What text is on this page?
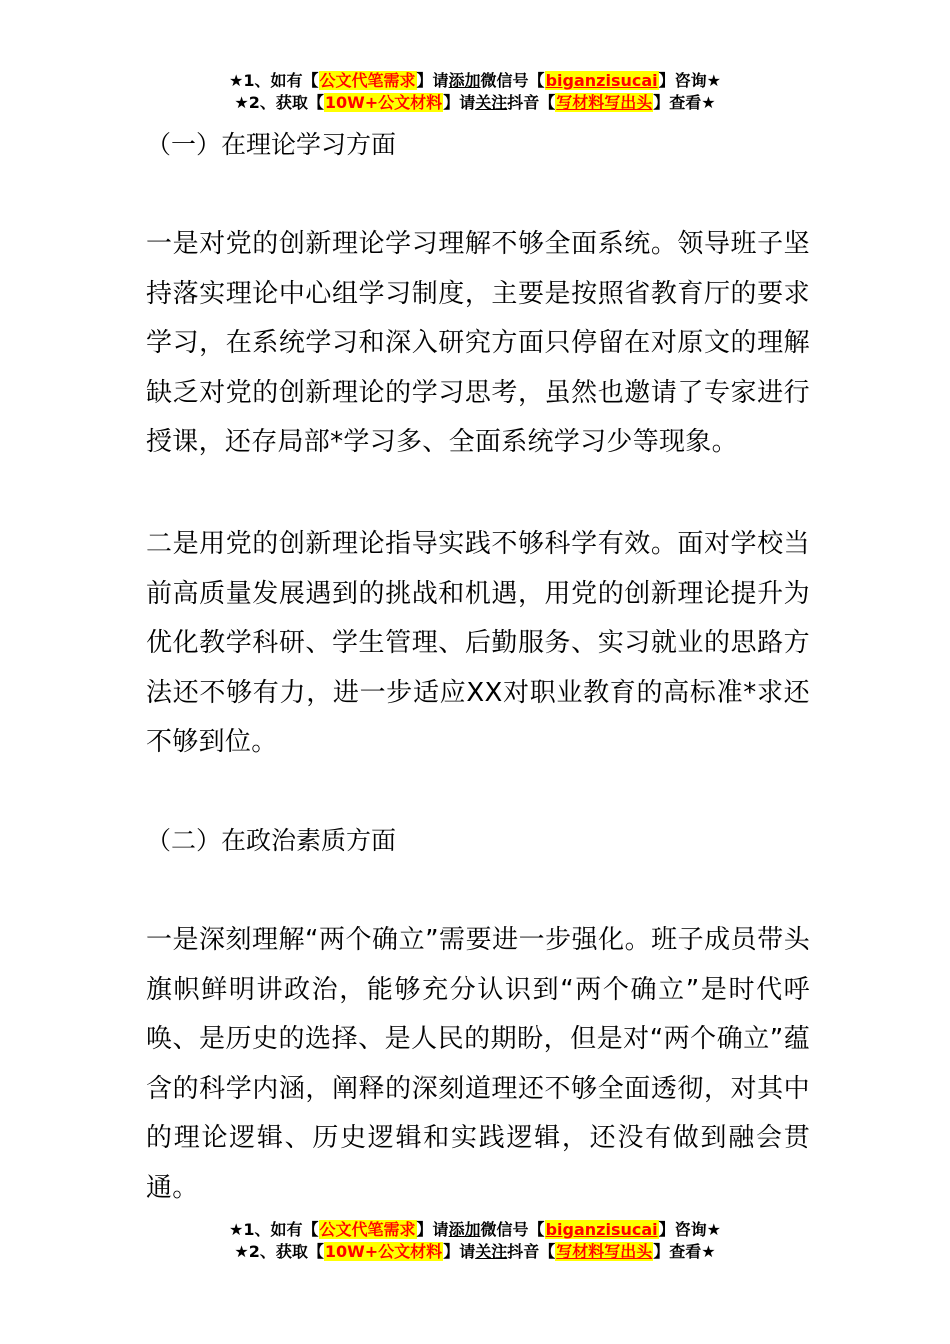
★1、如有【公文代笔需求】请添加微信号【biganzisucai】咨询★
★2、获取【10W+公文材料】请关注抖音【写材料写出头】查看★
（一）在理论学习方面
一是对党的创新理论学习理解不够全面系统。领导班子坚持落实理论中心组学习制度，主要是按照省教育厅的要求学习，在系统学习和深入研究方面只停留在对原文的理解缺乏对党的创新理论的学习思考，虽然也邀请了专家进行授课，还存局部*学习多、全面系统学习少等现象。
二是用党的创新理论指导实践不够科学有效。面对学校当前高质量发展遇到的挑战和机遇，用党的创新理论提升为优化教学科研、学生管理、后勤服务、实习就业的思路方法还不够有力，进一步适应XX对职业教育的高标准*求还不够到位。
（二）在政治素质方面
一是深刻理解“两个确立”需要进一步强化。班子成员带头旗帜鲜明讲政治，能够充分认识到“两个确立”是时代呼唤、是历史的选择、是人民的期盼，但是对“两个确立”蕴含的科学内涵，阐释的深刻道理还不够全面透彻，对其中的理论逻辑、历史逻辑和实践逻辑，还没有做到融会贯通。
★1、如有【公文代笔需求】请添加微信号【biganzisucai】咨询★
★2、获取【10W+公文材料】请关注抖音【写材料写出头】查看★
